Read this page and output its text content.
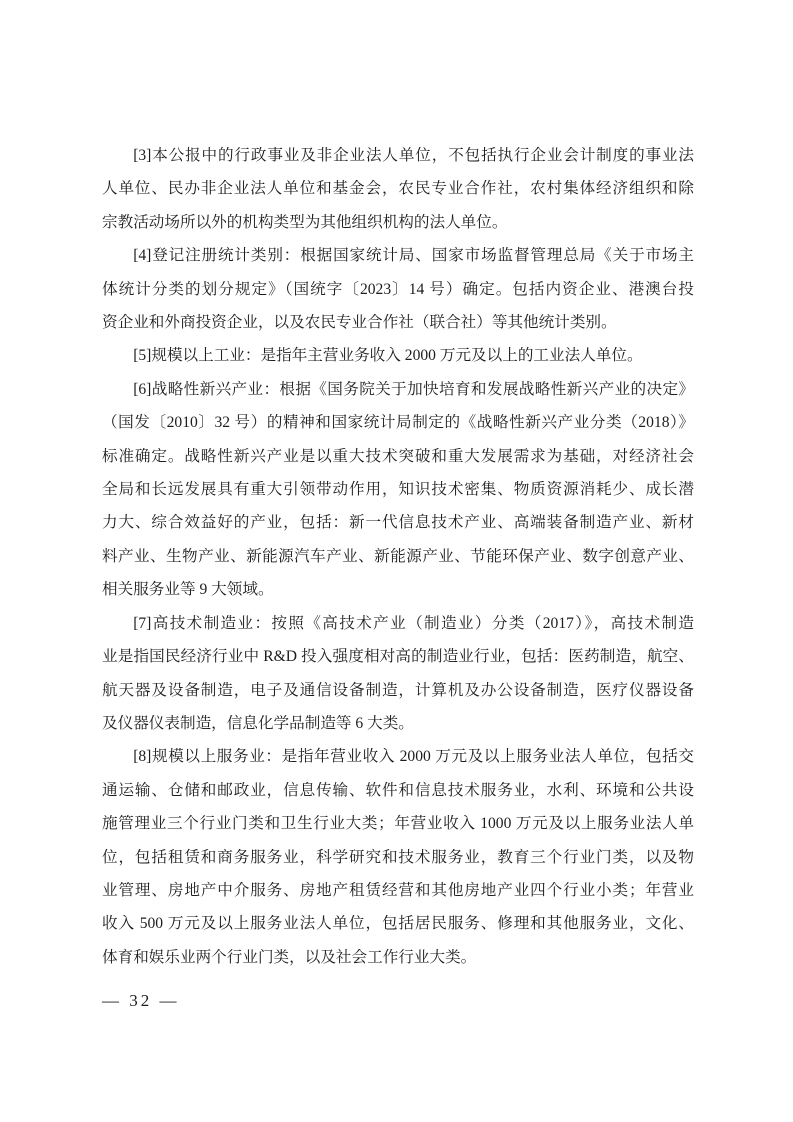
[3]本公报中的行政事业及非企业法人单位，不包括执行企业会计制度的事业法
人单位、民办非企业法人单位和基金会，农民专业合作社，农村集体经济组织和除
宗教活动场所以外的机构类型为其他组织机构的法人单位。
[4]登记注册统计类别：根据国家统计局、国家市场监督管理总局《关于市场主
体统计分类的划分规定》（国统字〔2023〕14 号）确定。包括内资企业、港澳台投
资企业和外商投资企业，以及农民专业合作社（联合社）等其他统计类别。
[5]规模以上工业：是指年主营业务收入 2000 万元及以上的工业法人单位。
[6]战略性新兴产业：根据《国务院关于加快培育和发展战略性新兴产业的决定》
（国发〔2010〕32 号）的精神和国家统计局制定的《战略性新兴产业分类（2018）》
标准确定。战略性新兴产业是以重大技术突破和重大发展需求为基础，对经济社会
全局和长远发展具有重大引领带动作用，知识技术密集、物质资源消耗少、成长潜
力大、综合效益好的产业，包括：新一代信息技术产业、高端装备制造产业、新材
料产业、生物产业、新能源汽车产业、新能源产业、节能环保产业、数字创意产业、
相关服务业等 9 大领域。
[7]高技术制造业：按照《高技术产业（制造业）分类（2017）》，高技术制造
业是指国民经济行业中 R&D 投入强度相对高的制造业行业，包括：医药制造，航空、
航天器及设备制造，电子及通信设备制造，计算机及办公设备制造，医疗仪器设备
及仪器仪表制造，信息化学品制造等 6 大类。
[8]规模以上服务业：是指年营业收入 2000 万元及以上服务业法人单位，包括交
通运输、仓储和邮政业，信息传输、软件和信息技术服务业，水利、环境和公共设
施管理业三个行业门类和卫生行业大类；年营业收入 1000 万元及以上服务业法人单
位，包括租赁和商务服务业，科学研究和技术服务业，教育三个行业门类，以及物
业管理、房地产中介服务、房地产租赁经营和其他房地产业四个行业小类；年营业
收入 500 万元及以上服务业法人单位，包括居民服务、修理和其他服务业，文化、
体育和娱乐业两个行业门类，以及社会工作行业大类。
— 32 —
